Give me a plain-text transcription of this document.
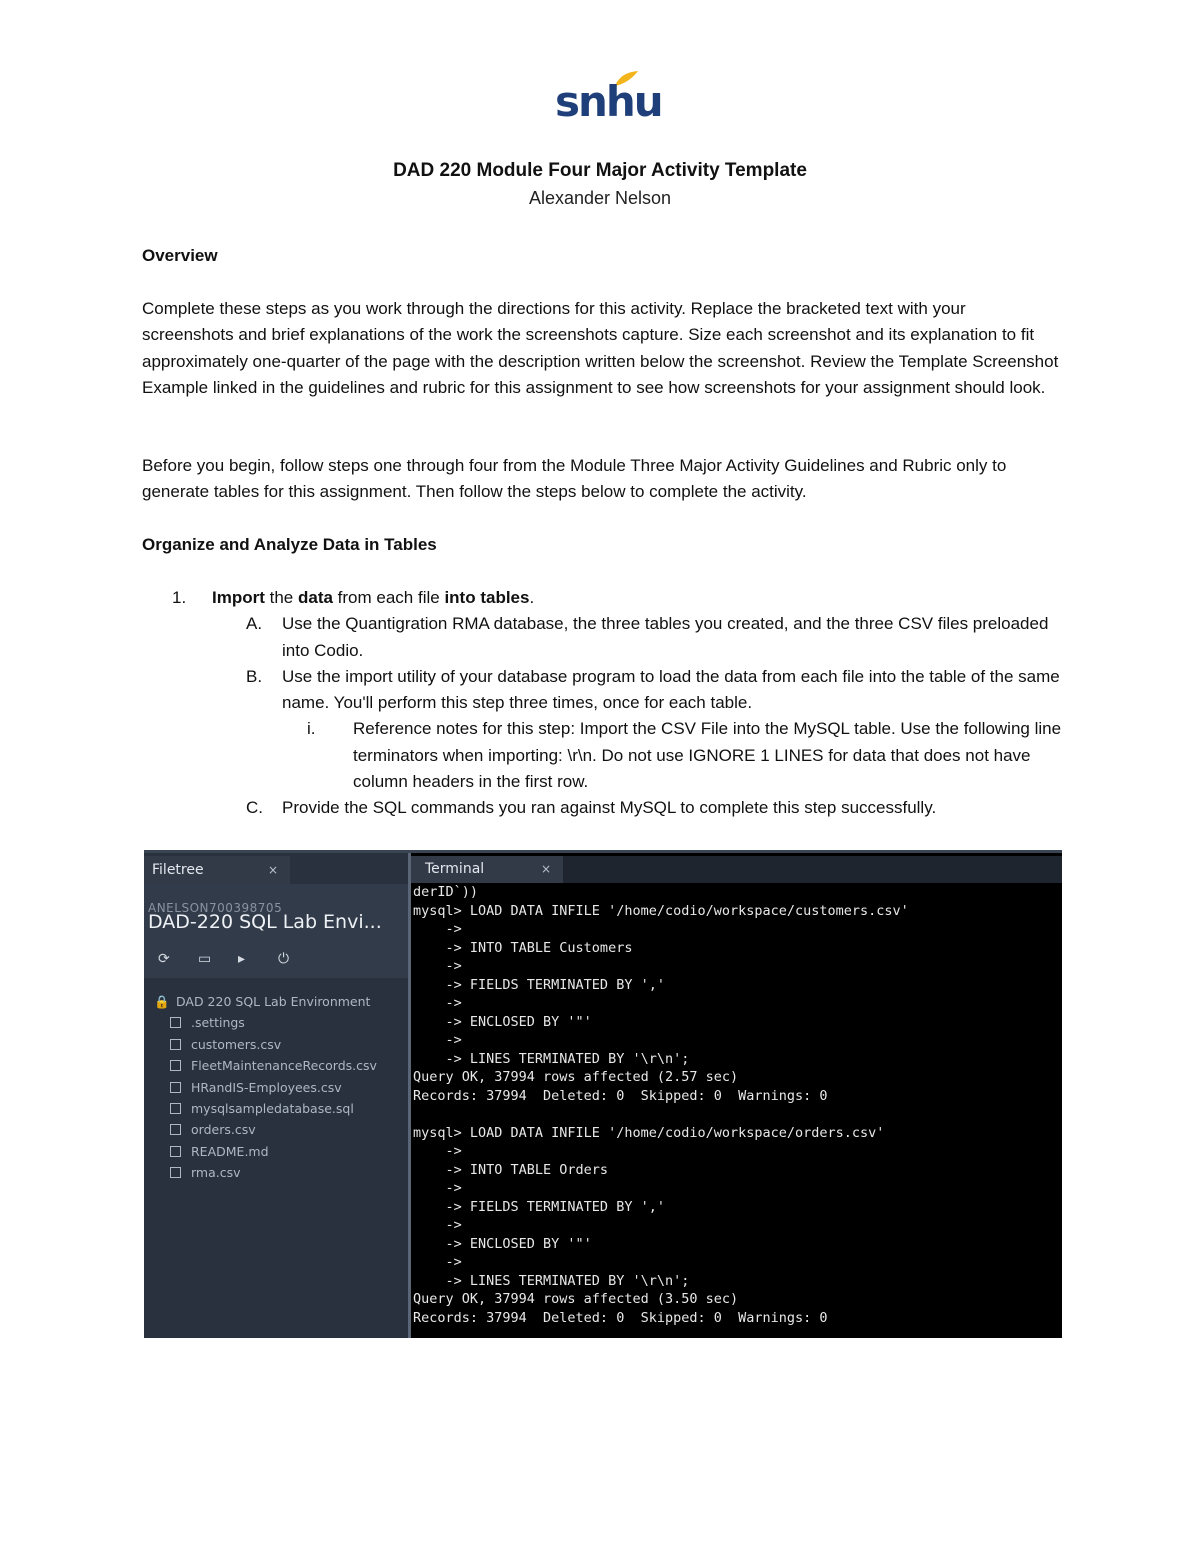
snhu
DAD 220 Module Four Major Activity Template
Alexander Nelson
Overview
Complete these steps as you work through the directions for this activity. Replace the bracketed text with your screenshots and brief explanations of the work the screenshots capture. Size each screenshot and its explanation to fit approximately one-quarter of the page with the description written below the screenshot. Review the Template Screenshot Example linked in the guidelines and rubric for this assignment to see how screenshots for your assignment should look.
Before you begin, follow steps one through four from the Module Three Major Activity Guidelines and Rubric only to generate tables for this assignment. Then follow the steps below to complete the activity.
Organize and Analyze Data in Tables
1. Import the data from each file into tables.
A. Use the Quantigration RMA database, the three tables you created, and the three CSV files preloaded into Codio.
B. Use the import utility of your database program to load the data from each file into the table of the same name. You'll perform this step three times, once for each table.
i. Reference notes for this step: Import the CSV File into the MySQL table. Use the following line terminators when importing: \r\n. Do not use IGNORE 1 LINES for data that does not have column headers in the first row.
C. Provide the SQL commands you ran against MySQL to complete this step successfully.
Filetree	×
ANELSON700398705
DAD-220 SQL Lab Envi...
⟳ ▭ ▸ ⏻
🔒 DAD 220 SQL Lab Environment
.settings
customers.csv
FleetMaintenanceRecords.csv
HRandIS-Employees.csv
mysqlsampledatabase.sql
orders.csv
README.md
rma.csv
Terminal	×
derID`))
mysql> LOAD DATA INFILE '/home/codio/workspace/customers.csv'
->
-> INTO TABLE Customers
->
-> FIELDS TERMINATED BY ','
->
-> ENCLOSED BY '"'
->
-> LINES TERMINATED BY '\r\n';
Query OK, 37994 rows affected (2.57 sec)
Records: 37994  Deleted: 0  Skipped: 0  Warnings: 0
mysql> LOAD DATA INFILE '/home/codio/workspace/orders.csv'
->
-> INTO TABLE Orders
->
-> FIELDS TERMINATED BY ','
->
-> ENCLOSED BY '"'
->
-> LINES TERMINATED BY '\r\n';
Query OK, 37994 rows affected (3.50 sec)
Records: 37994  Deleted: 0  Skipped: 0  Warnings: 0
